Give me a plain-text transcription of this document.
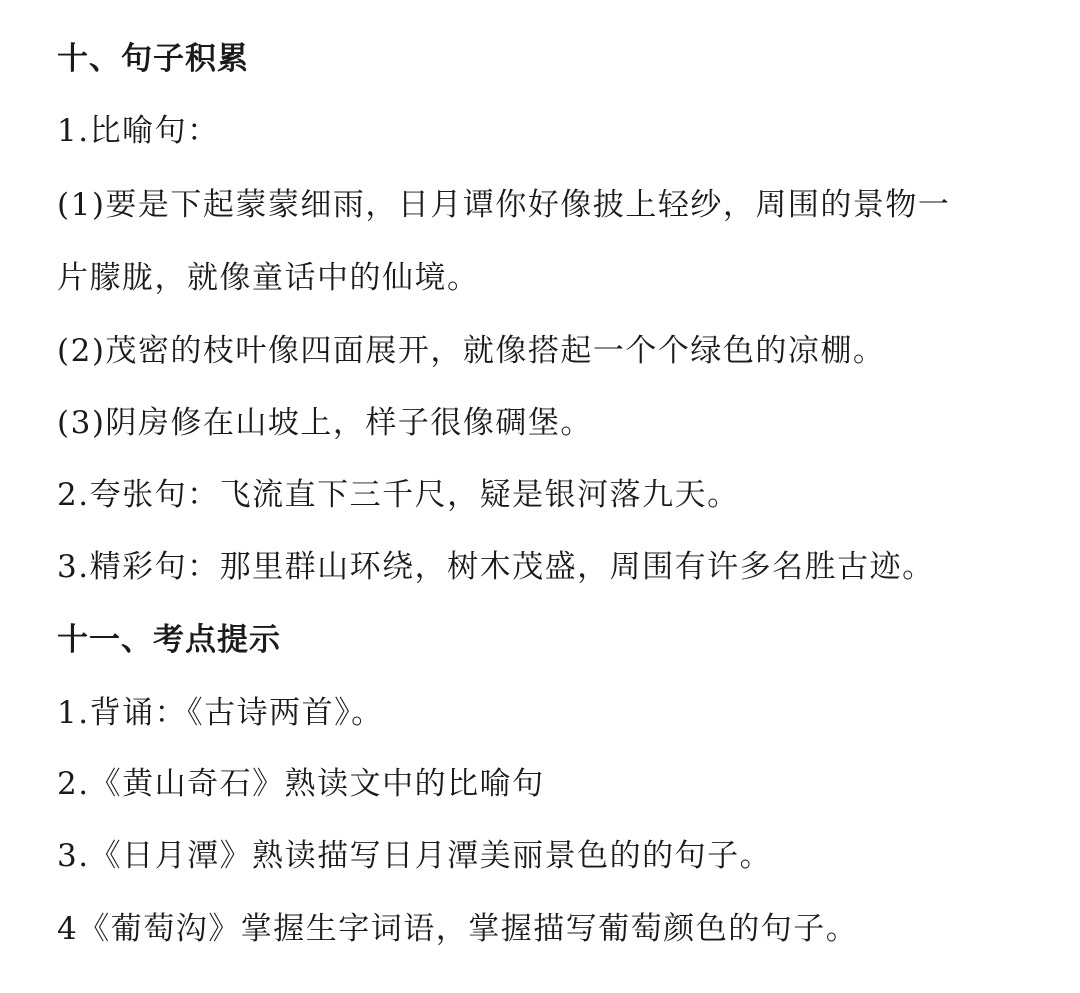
十、句子积累
1.比喻句：
(1)要是下起蒙蒙细雨，日月谭你好像披上轻纱，周围的景物一
片朦胧，就像童话中的仙境。
(2)茂密的枝叶像四面展开，就像搭起一个个绿色的凉棚。
(3)阴房修在山坡上，样子很像碉堡。
2.夸张句：飞流直下三千尺，疑是银河落九天。
3.精彩句：那里群山环绕，树木茂盛，周围有许多名胜古迹。
十一、考点提示
1.背诵：《古诗两首》。
2.《黄山奇石》熟读文中的比喻句
3.《日月潭》熟读描写日月潭美丽景色的的句子。
4《葡萄沟》掌握生字词语，掌握描写葡萄颜色的句子。
